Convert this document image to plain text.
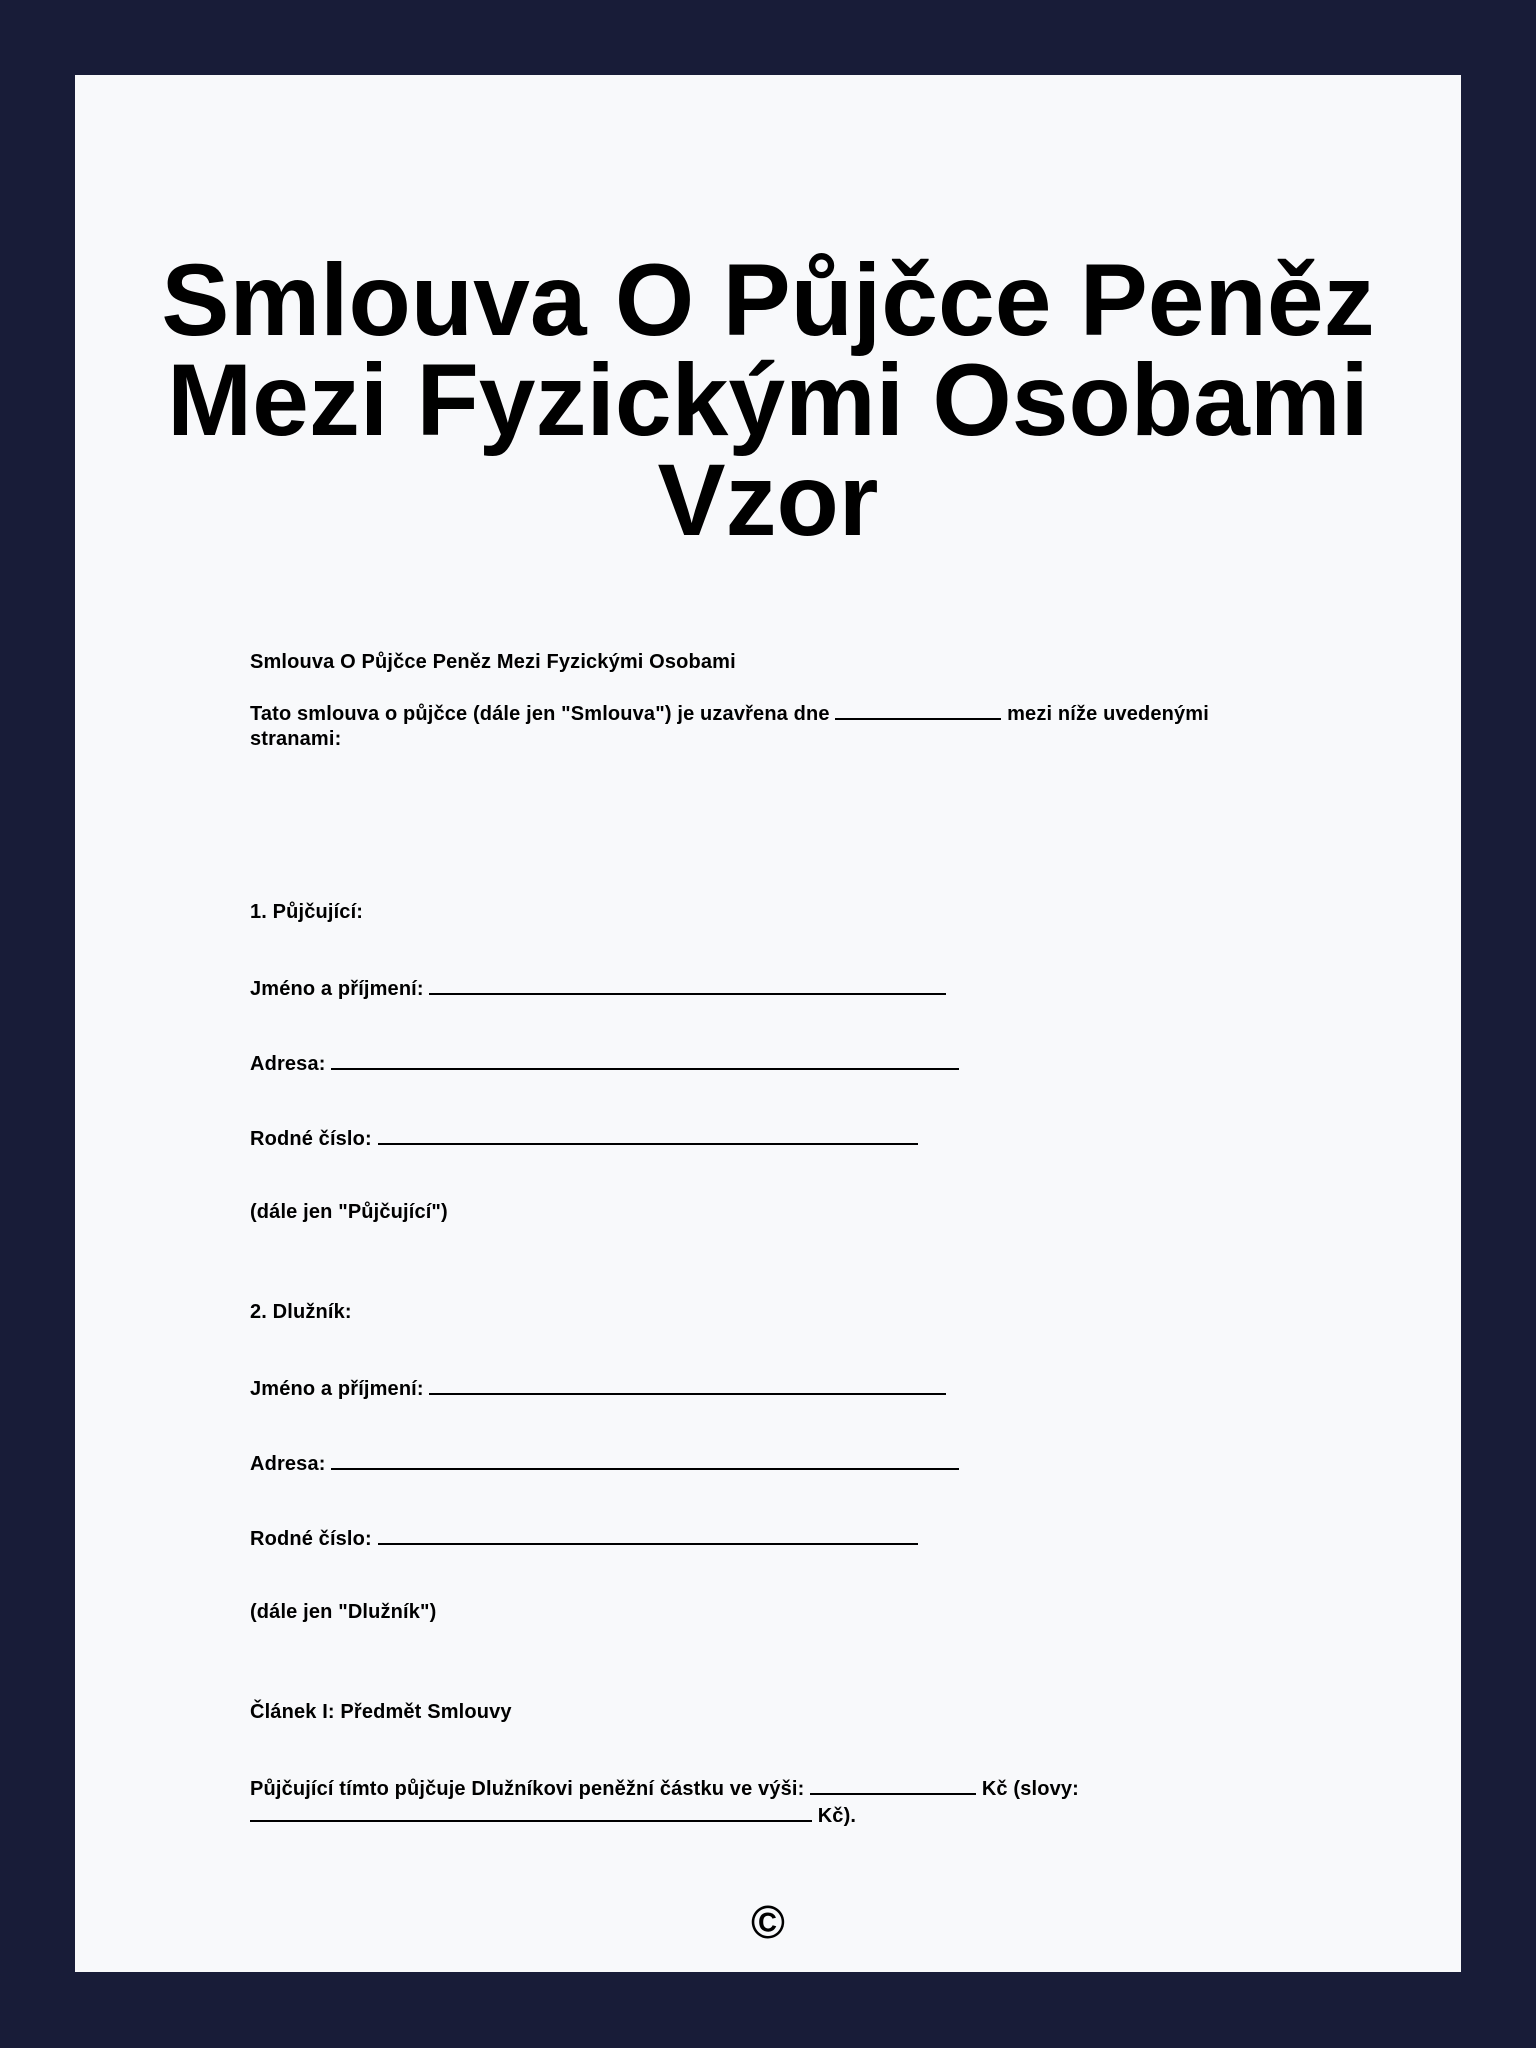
Smlouva O Půjčce Peněz
Mezi Fyzickými Osobami
Vzor
Smlouva O Půjčce Peněz Mezi Fyzickými Osobami
Tato smlouva o půjčce (dále jen "Smlouva") je uzavřena dne	mezi níže uvedenými stranami:
1. Půjčující:
Jméno a příjmení:
Adresa:
Rodné číslo:
(dále jen "Půjčující")
2. Dlužník:
Jméno a příjmení:
Adresa:
Rodné číslo:
(dále jen "Dlužník")
Článek I: Předmět Smlouvy
Půjčující tímto půjčuje Dlužníkovi peněžní částku ve výši:	Kč (slovy:  Kč).
©
